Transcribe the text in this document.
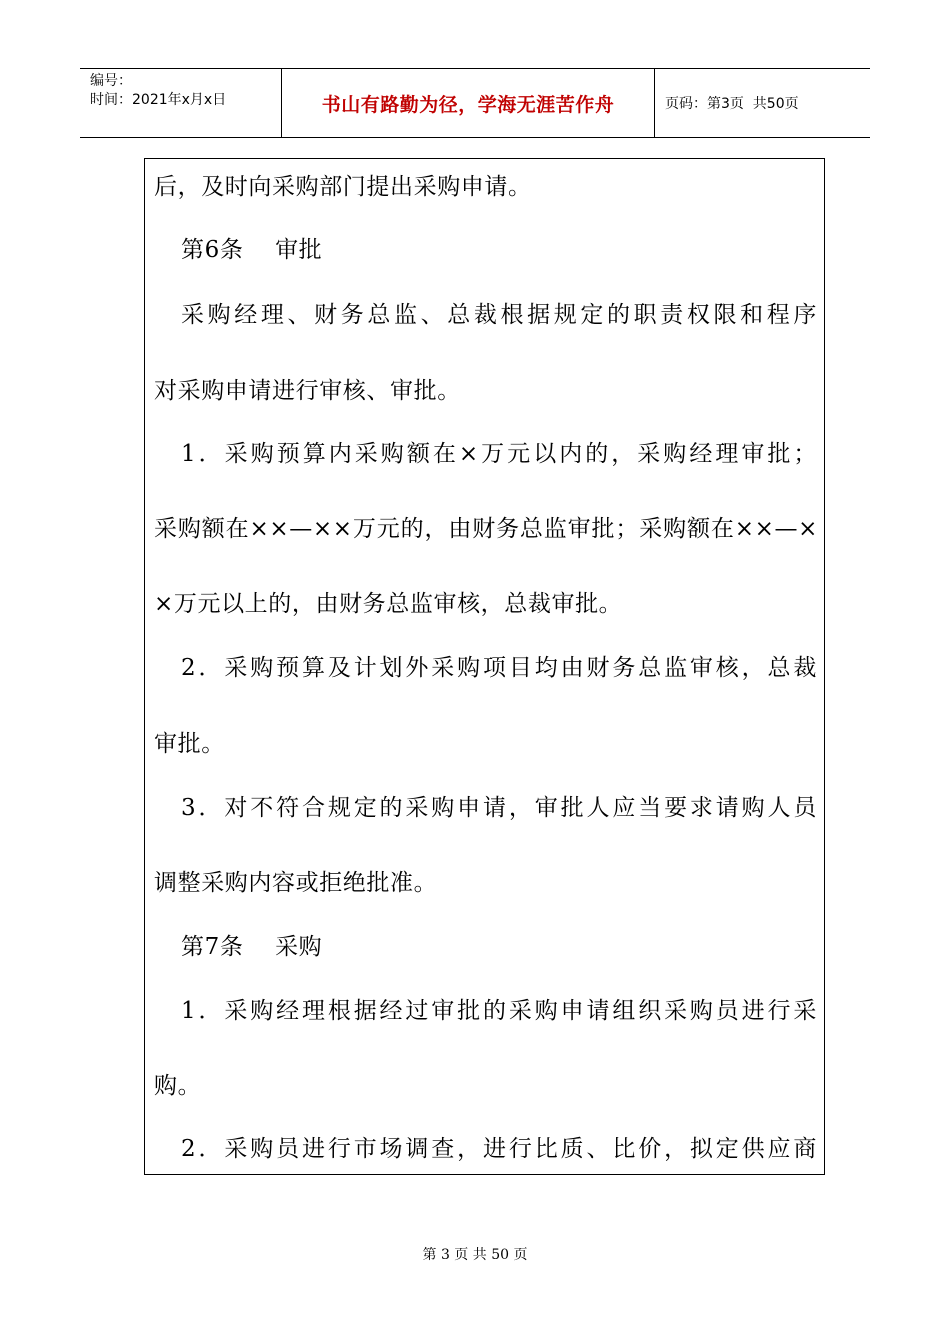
编号：
时间：2021年x月x日	书山有路勤为径，学海无涯苦作舟	页码：第3页  共50页
后，及时向采购部门提出采购申请。
第6条    审批
采购经理、财务总监、总裁根据规定的职责权限和程序
对采购申请进行审核、审批。
1．采购预算内采购额在×万元以内的，采购经理审批；
采购额在××—××万元的，由财务总监审批；采购额在××—×
×万元以上的，由财务总监审核，总裁审批。
2．采购预算及计划外采购项目均由财务总监审核，总裁
审批。
3．对不符合规定的采购申请，审批人应当要求请购人员
调整采购内容或拒绝批准。
第7条    采购
1．采购经理根据经过审批的采购申请组织采购员进行采
购。
2．采购员进行市场调查，进行比质、比价，拟定供应商
第 3 页 共 50 页
